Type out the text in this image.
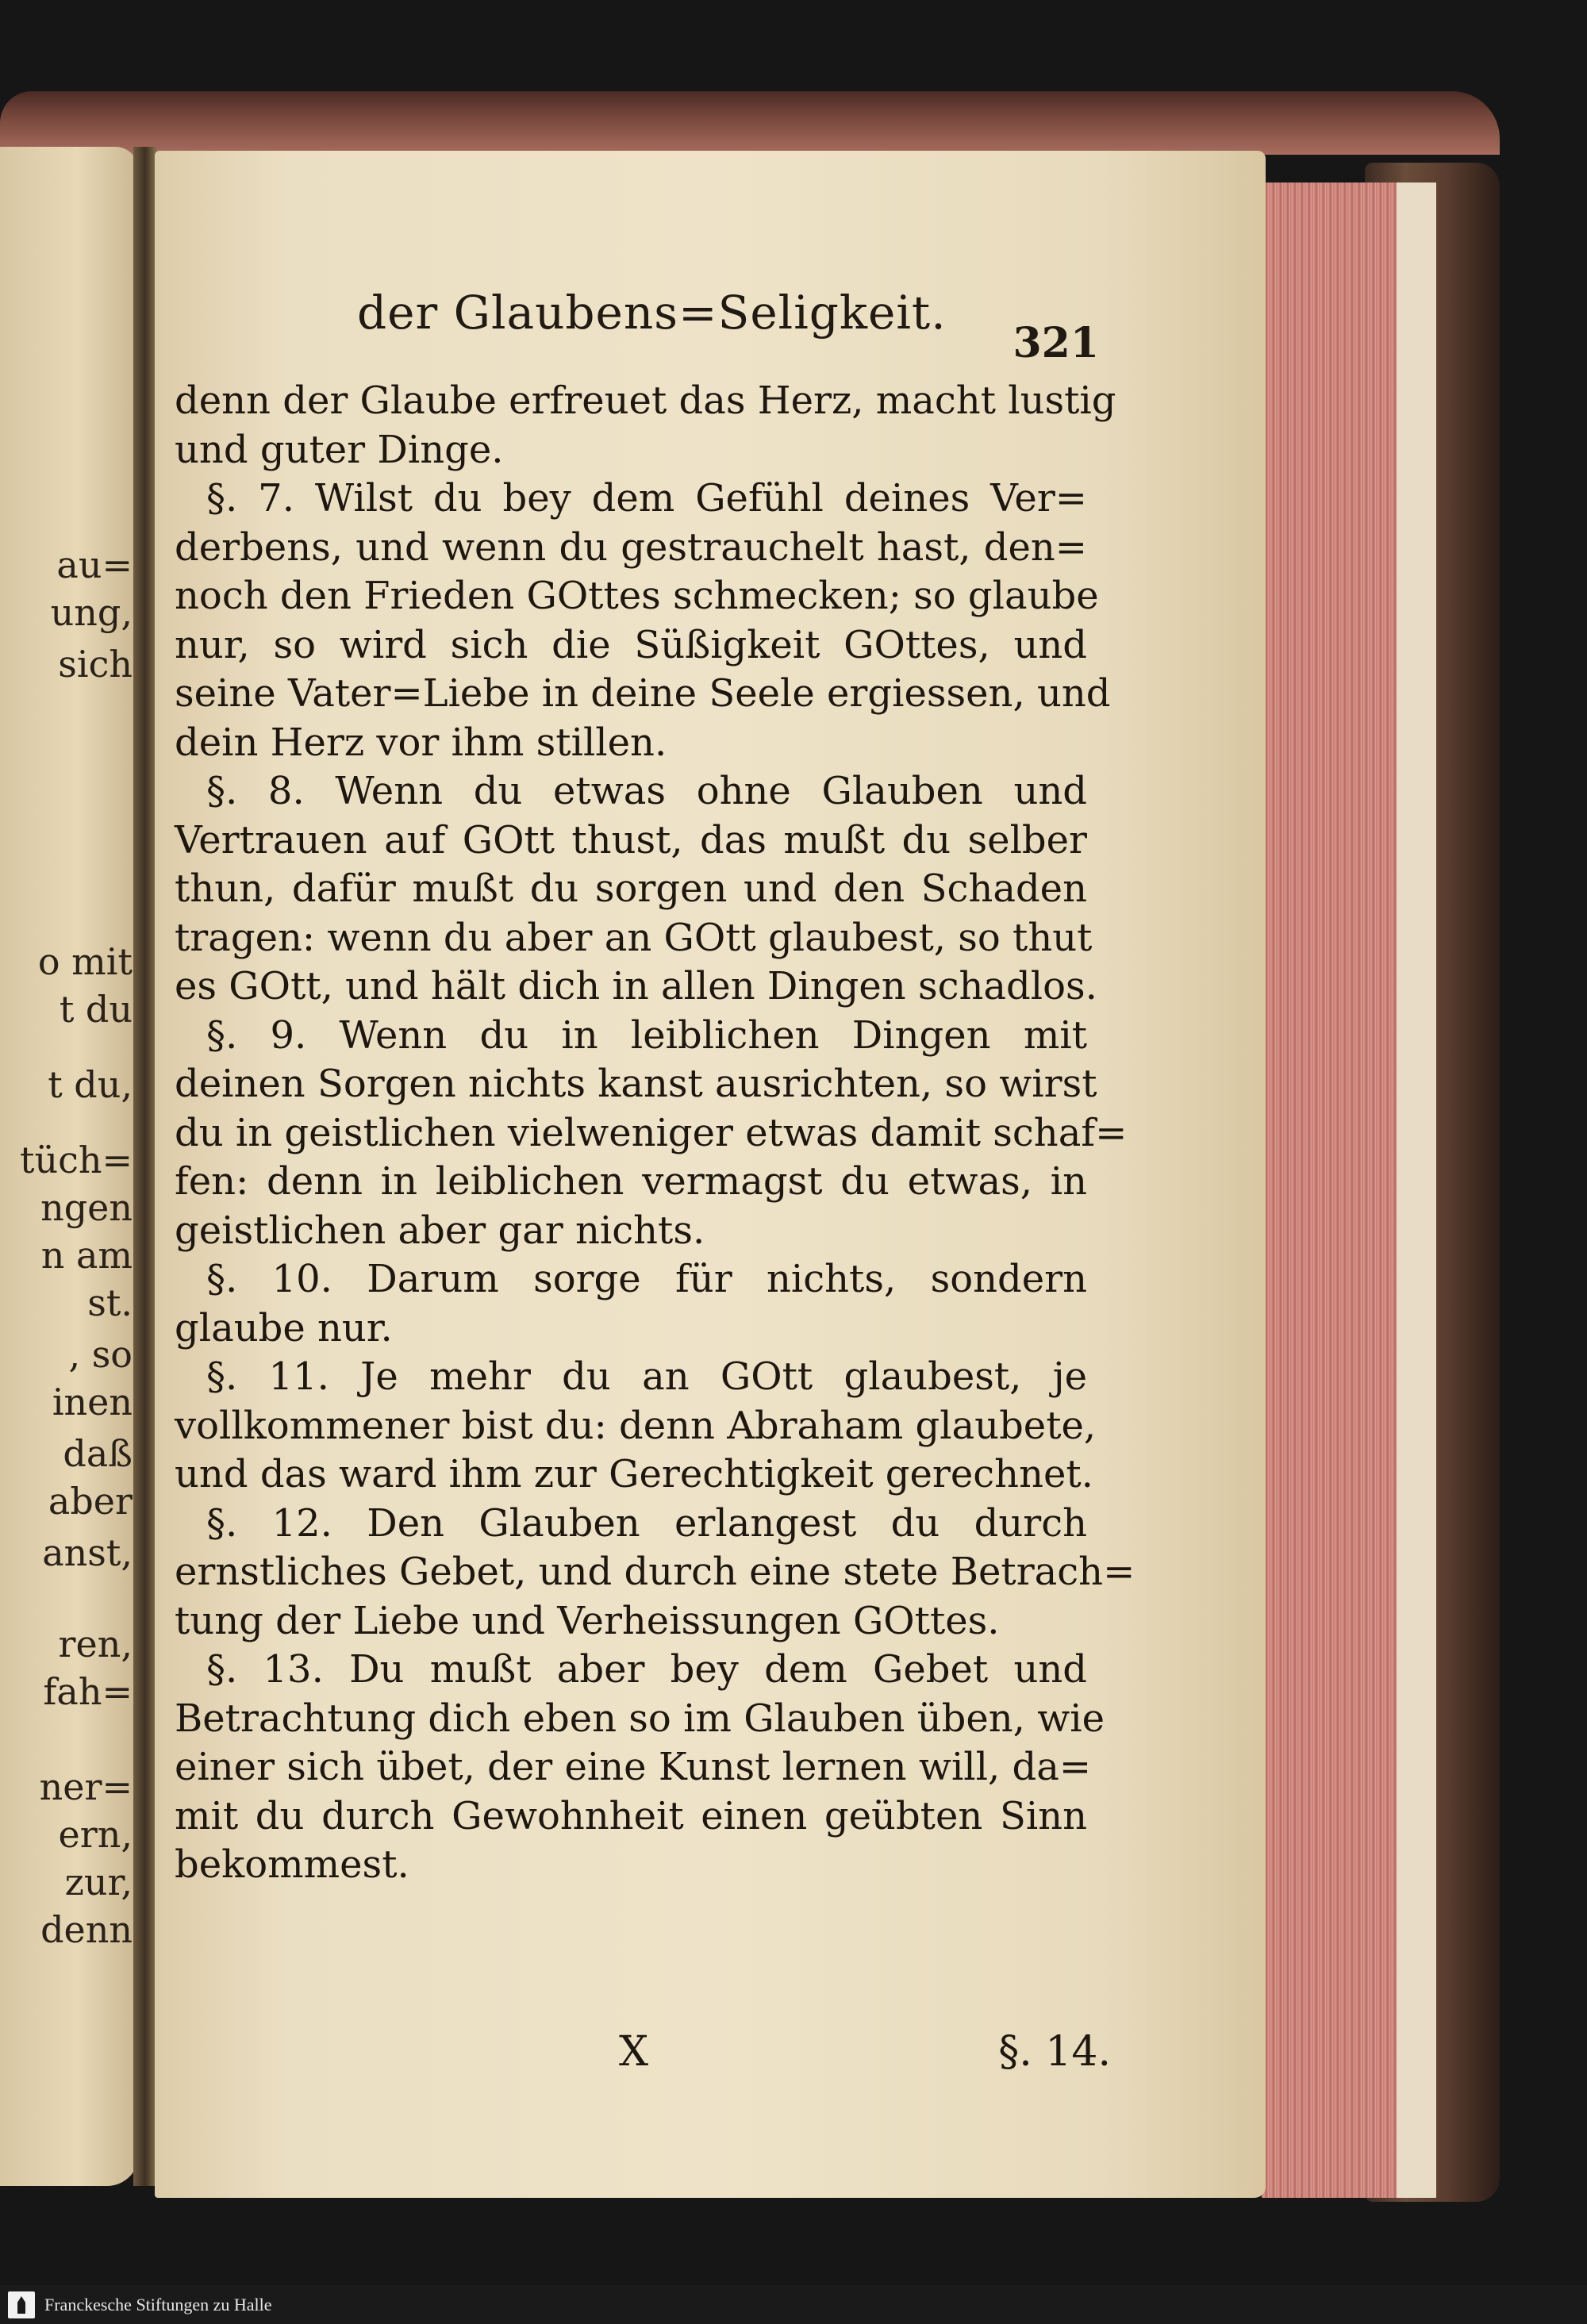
au=
ung,
sich
o mit
t du
t du,
tüch=
ngen
n am
st.
, so
inen
daß
aber
anst,
ren,
fah=
ner=
ern,
zur,
denn
der Glaubens=Seligkeit.
321
denn der Glaube erfreuet das Herz, macht lustig
und guter Dinge.
§. 7. Wilst du bey dem Gefühl deines Ver=
derbens, und wenn du gestrauchelt hast, den=
noch den Frieden GOttes schmecken; so glaube
nur, so wird sich die Süßigkeit GOttes, und
seine Vater=Liebe in deine Seele ergiessen, und
dein Herz vor ihm stillen.
§. 8. Wenn du etwas ohne Glauben und
Vertrauen auf GOtt thust, das mußt du selber
thun, dafür mußt du sorgen und den Schaden
tragen: wenn du aber an GOtt glaubest, so thut
es GOtt, und hält dich in allen Dingen schadlos.
§. 9. Wenn du in leiblichen Dingen mit
deinen Sorgen nichts kanst ausrichten, so wirst
du in geistlichen vielweniger etwas damit schaf=
fen: denn in leiblichen vermagst du etwas, in
geistlichen aber gar nichts.
§. 10. Darum sorge für nichts, sondern
glaube nur.
§. 11. Je mehr du an GOtt glaubest, je
vollkommener bist du: denn Abraham glaubete,
und das ward ihm zur Gerechtigkeit gerechnet.
§. 12. Den Glauben erlangest du durch
ernstliches Gebet, und durch eine stete Betrach=
tung der Liebe und Verheissungen GOttes.
§. 13. Du mußt aber bey dem Gebet und
Betrachtung dich eben so im Glauben üben, wie
einer sich übet, der eine Kunst lernen will, da=
mit du durch Gewohnheit einen geübten Sinn
bekommest.
X	§. 14.
Franckesche Stiftungen zu Halle
